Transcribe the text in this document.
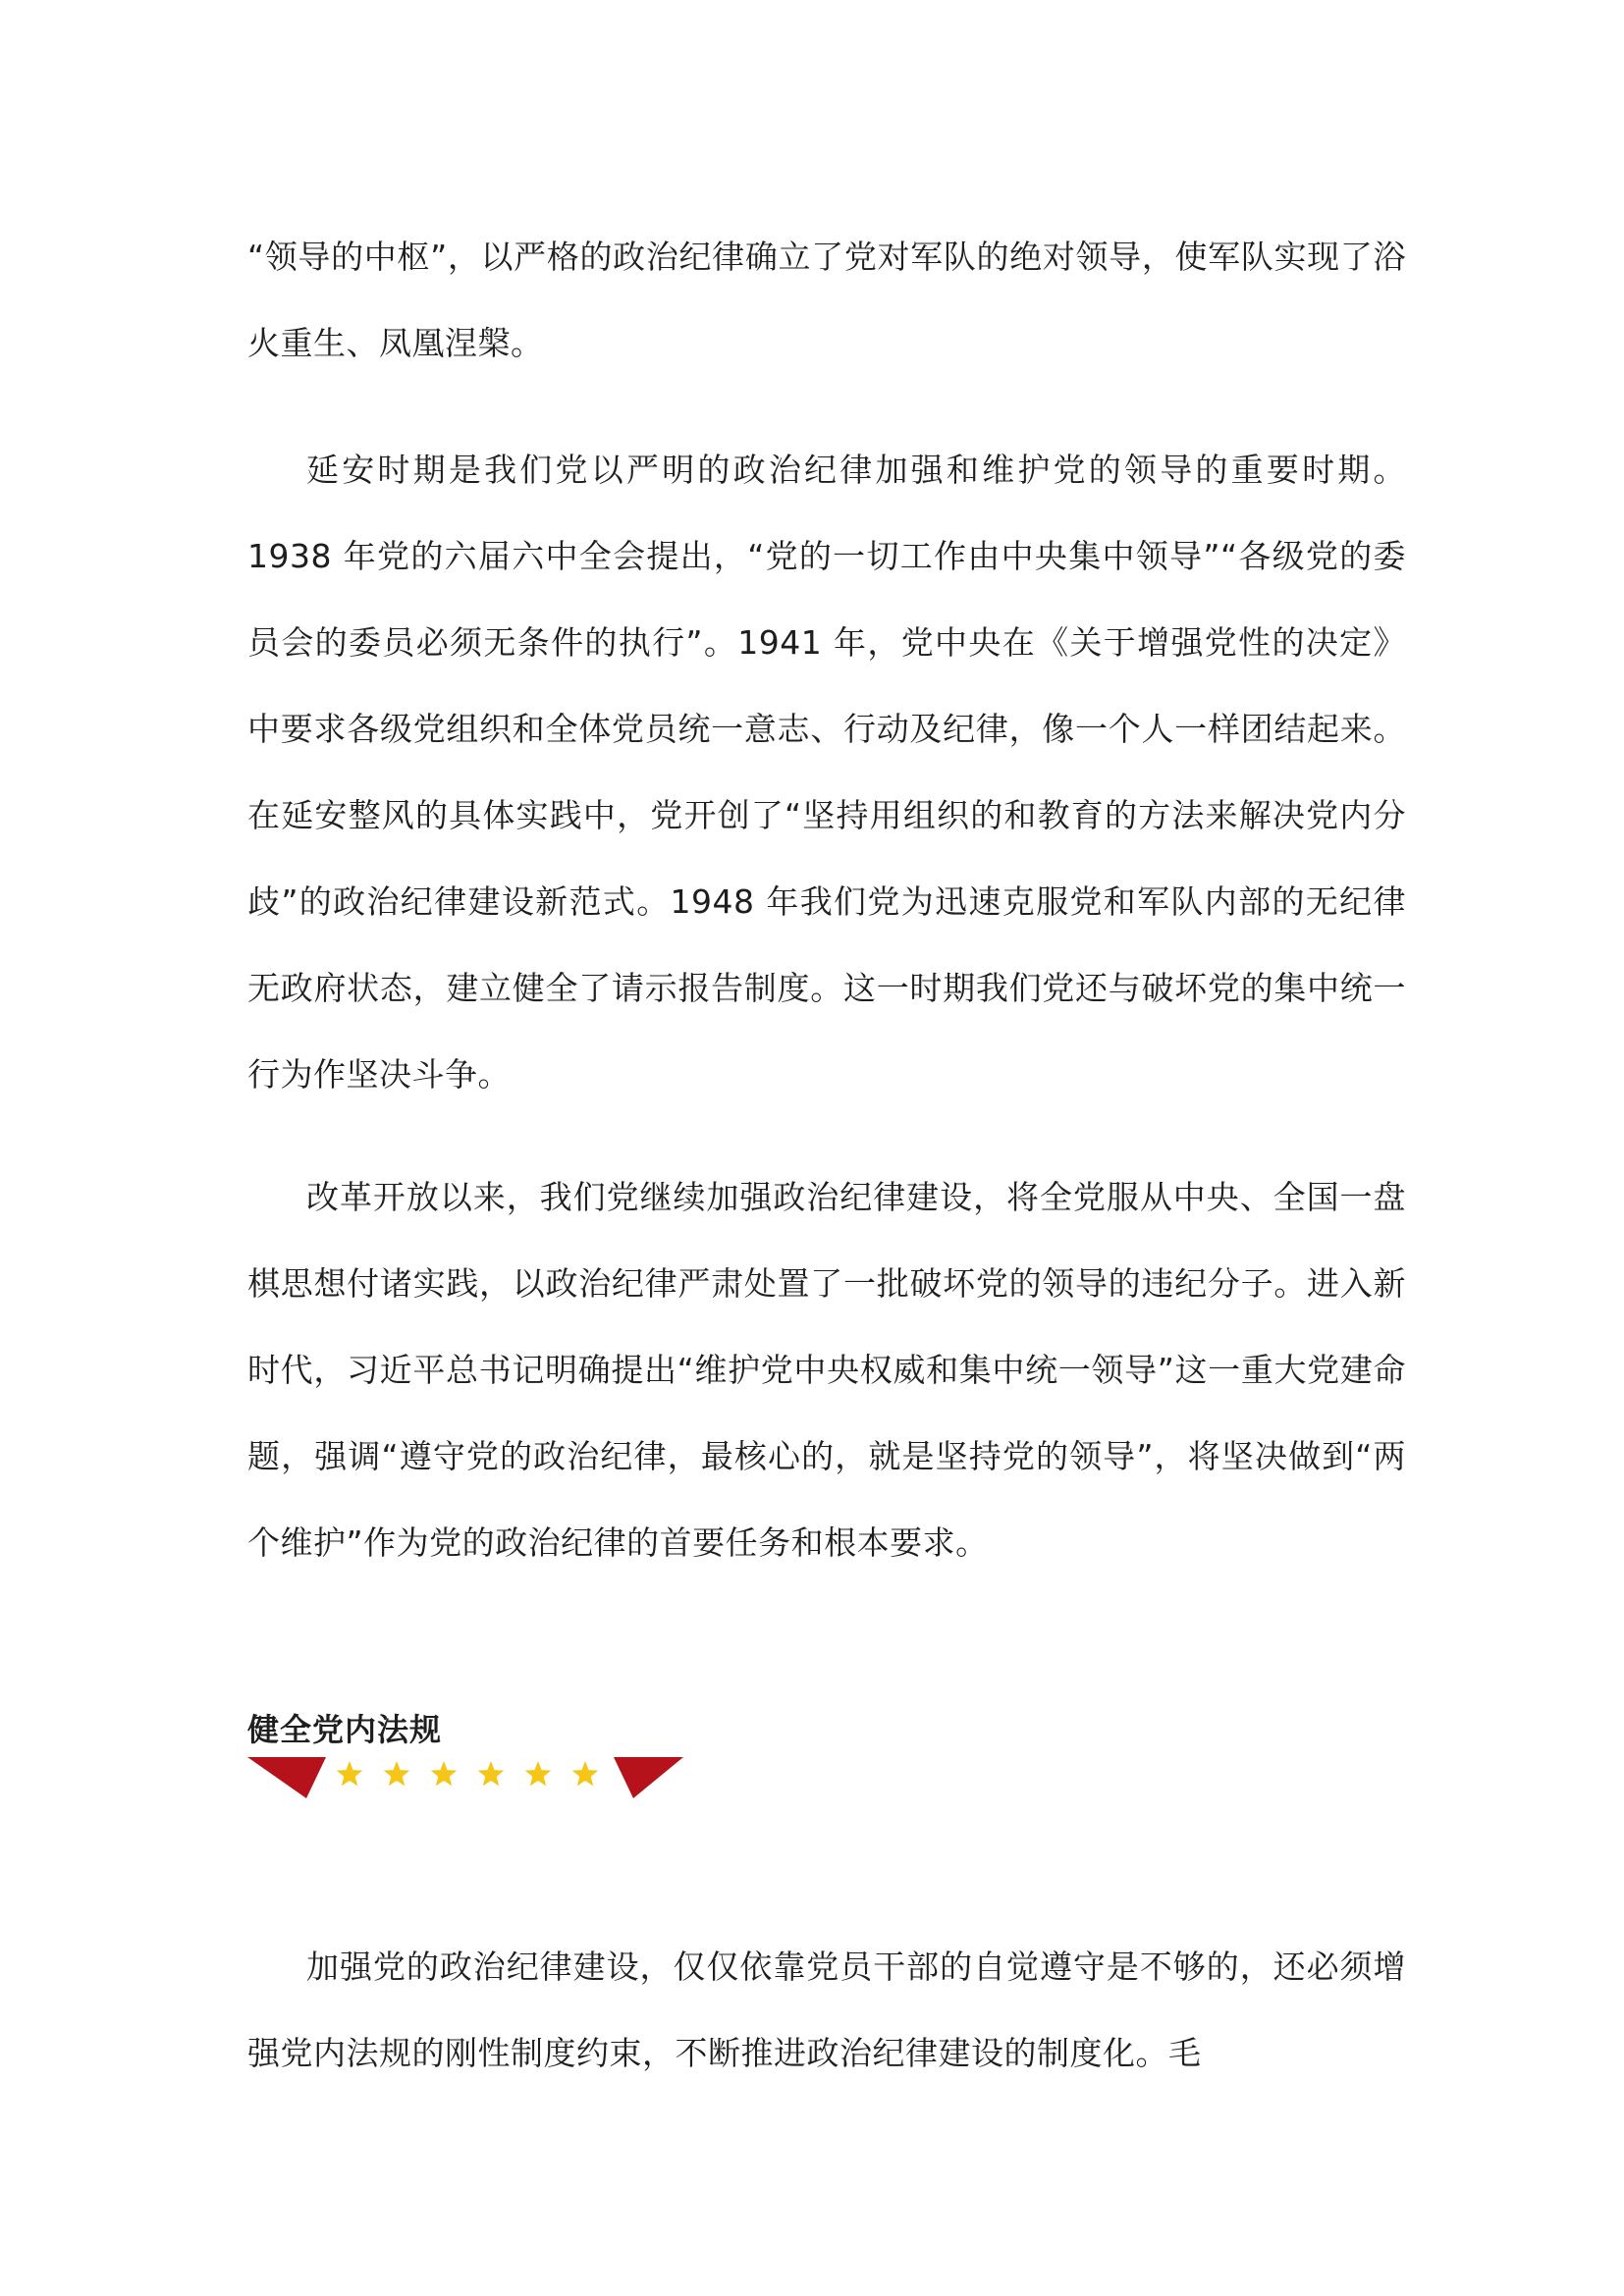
“领导的中枢”，以严格的政治纪律确立了党对军队的绝对领导，使军队实现了浴火重生、凤凰涅槃。

延安时期是我们党以严明的政治纪律加强和维护党的领导的重要时期。1938 年党的六届六中全会提出，“党的一切工作由中央集中领导”“各级党的委员会的委员必须无条件的执行”。1941 年，党中央在《关于增强党性的决定》中要求各级党组织和全体党员统一意志、行动及纪律，像一个人一样团结起来。在延安整风的具体实践中，党开创了“坚持用组织的和教育的方法来解决党内分歧”的政治纪律建设新范式。1948 年我们党为迅速克服党和军队内部的无纪律无政府状态，建立健全了请示报告制度。这一时期我们党还与破坏党的集中统一行为作坚决斗争。

改革开放以来，我们党继续加强政治纪律建设，将全党服从中央、全国一盘棋思想付诸实践，以政治纪律严肃处置了一批破坏党的领导的违纪分子。进入新时代，习近平总书记明确提出“维护党中央权威和集中统一领导”这一重大党建命题，强调“遵守党的政治纪律，最核心的，就是坚持党的领导”，将坚决做到“两个维护”作为党的政治纪律的首要任务和根本要求。

健全党内法规

加强党的政治纪律建设，仅仅依靠党员干部的自觉遵守是不够的，还必须增强党内法规的刚性制度约束，不断推进政治纪律建设的制度化。毛
